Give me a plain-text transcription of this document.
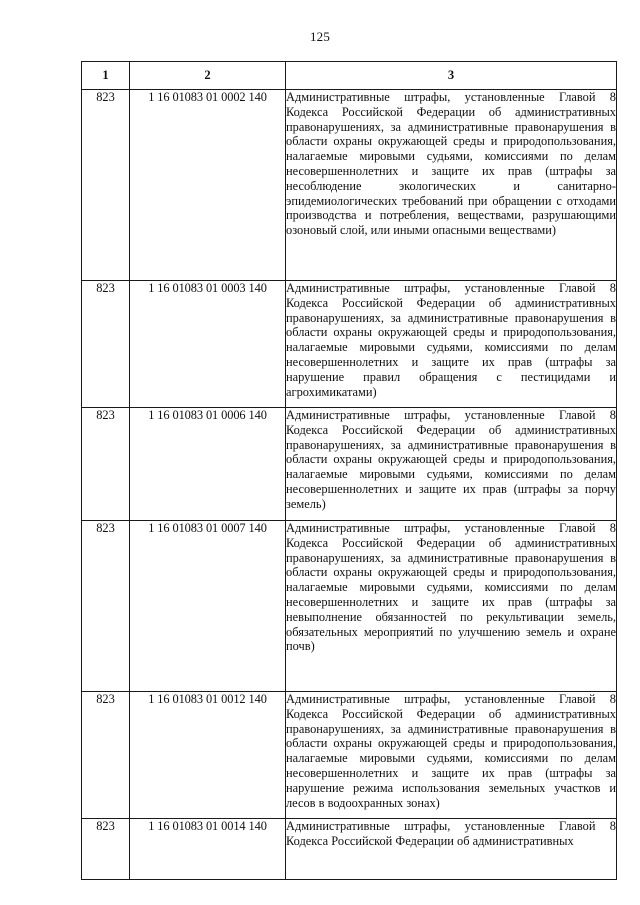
125
1	2	3
823	1 16 01083 01 0002 140	Административные штрафы, установленные Главой 8 Кодекса Российской Федерации об административных правонарушениях, за административные правонарушения в области охраны окружающей среды и природопользования, налагаемые мировыми судьями, комиссиями по делам несовершеннолетних и защите их прав (штрафы за несоблюдение экологических и санитарно-эпидемиологических требований при обращении с отходами производства и потребления, веществами, разрушающими озоновый слой, или иными опасными веществами)
823	1 16 01083 01 0003 140	Административные штрафы, установленные Главой 8 Кодекса Российской Федерации об административных правонарушениях, за административные правонарушения в области охраны окружающей среды и природопользования, налагаемые мировыми судьями, комиссиями по делам несовершеннолетних и защите их прав (штрафы за нарушение правил обращения с пестицидами и агрохимикатами)
823	1 16 01083 01 0006 140	Административные штрафы, установленные Главой 8 Кодекса Российской Федерации об административных правонарушениях, за административные правонарушения в области охраны окружающей среды и природопользования, налагаемые мировыми судьями, комиссиями по делам несовершеннолетних и защите их прав (штрафы за порчу земель)
823	1 16 01083 01 0007 140	Административные штрафы, установленные Главой 8 Кодекса Российской Федерации об административных правонарушениях, за административные правонарушения в области охраны окружающей среды и природопользования, налагаемые мировыми судьями, комиссиями по делам несовершеннолетних и защите их прав (штрафы за невыполнение обязанностей по рекультивации земель, обязательных мероприятий по улучшению земель и охране почв)
823	1 16 01083 01 0012 140	Административные штрафы, установленные Главой 8 Кодекса Российской Федерации об административных правонарушениях, за административные правонарушения в области охраны окружающей среды и природопользования, налагаемые мировыми судьями, комиссиями по делам несовершеннолетних и защите их прав (штрафы за нарушение режима использования земельных участков и лесов в водоохранных зонах)
823	1 16 01083 01 0014 140	Административные штрафы, установленные Главой 8 Кодекса Российской Федерации об административных
